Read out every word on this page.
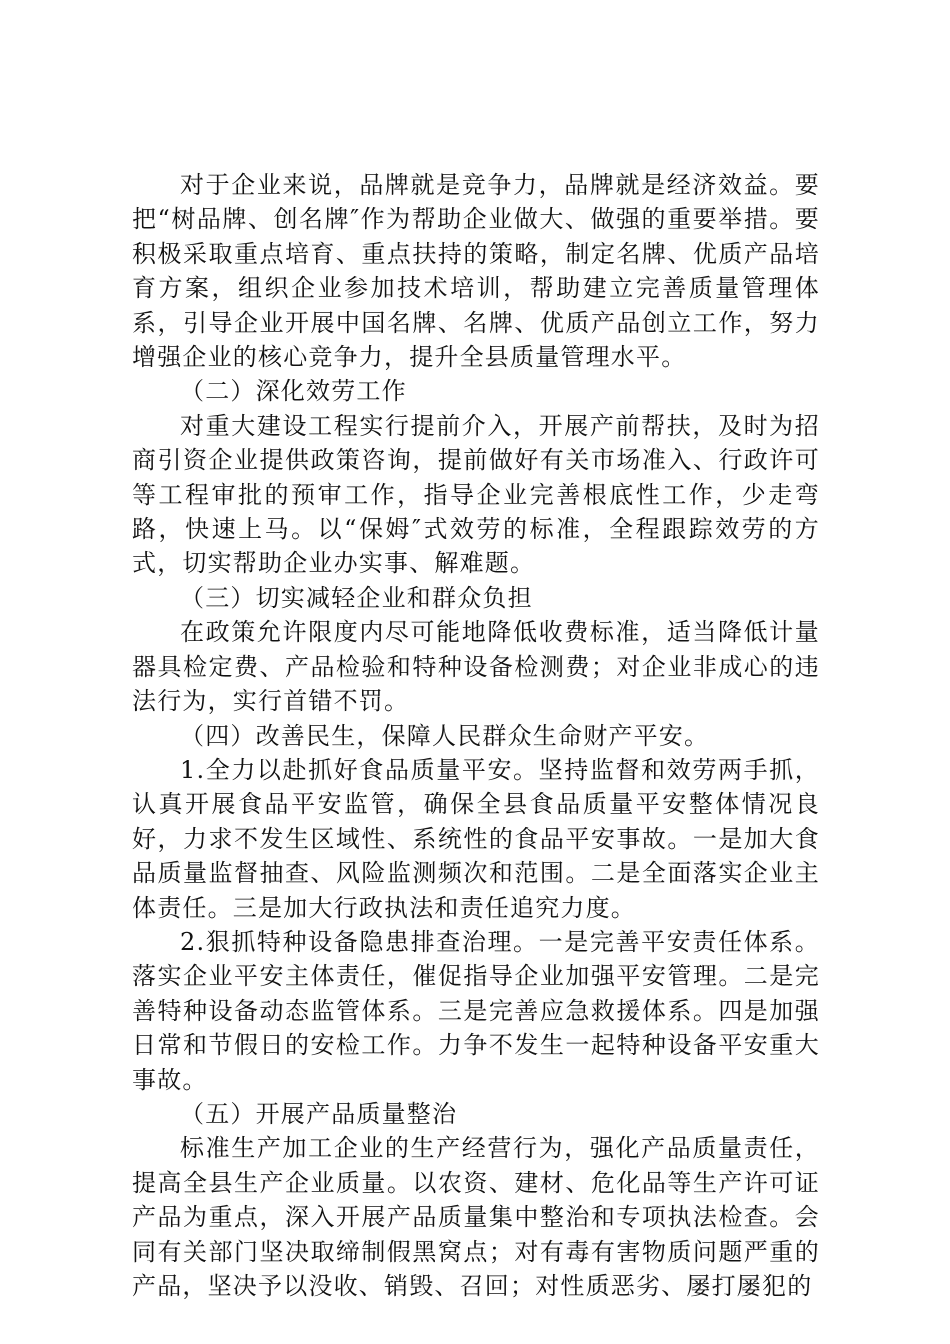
对于企业来说，品牌就是竞争力，品牌就是经济效益。要把“树品牌、创名牌″作为帮助企业做大、做强的重要举措。要积极采取重点培育、重点扶持的策略，制定名牌、优质产品培育方案，组织企业参加技术培训，帮助建立完善质量管理体系，引导企业开展中国名牌、名牌、优质产品创立工作，努力增强企业的核心竞争力，提升全县质量管理水平。

（二）深化效劳工作

对重大建设工程实行提前介入，开展产前帮扶，及时为招商引资企业提供政策咨询，提前做好有关市场准入、行政许可等工程审批的预审工作，指导企业完善根底性工作，少走弯路，快速上马。以“保姆″式效劳的标准，全程跟踪效劳的方式，切实帮助企业办实事、解难题。

（三）切实减轻企业和群众负担

在政策允许限度内尽可能地降低收费标准，适当降低计量器具检定费、产品检验和特种设备检测费；对企业非成心的违法行为，实行首错不罚。

（四）改善民生，保障人民群众生命财产平安。

1.全力以赴抓好食品质量平安。坚持监督和效劳两手抓，认真开展食品平安监管，确保全县食品质量平安整体情况良好，力求不发生区域性、系统性的食品平安事故。一是加大食品质量监督抽查、风险监测频次和范围。二是全面落实企业主体责任。三是加大行政执法和责任追究力度。

2.狠抓特种设备隐患排查治理。一是完善平安责任体系。落实企业平安主体责任，催促指导企业加强平安管理。二是完善特种设备动态监管体系。三是完善应急救援体系。四是加强日常和节假日的安检工作。力争不发生一起特种设备平安重大事故。

（五）开展产品质量整治

标准生产加工企业的生产经营行为，强化产品质量责任，提高全县生产企业质量。以农资、建材、危化品等生产许可证产品为重点，深入开展产品质量集中整治和专项执法检查。会同有关部门坚决取缔制假黑窝点；对有毒有害物质问题严重的产品，坚决予以没收、销毁、召回；对性质恶劣、屡打屡犯的
